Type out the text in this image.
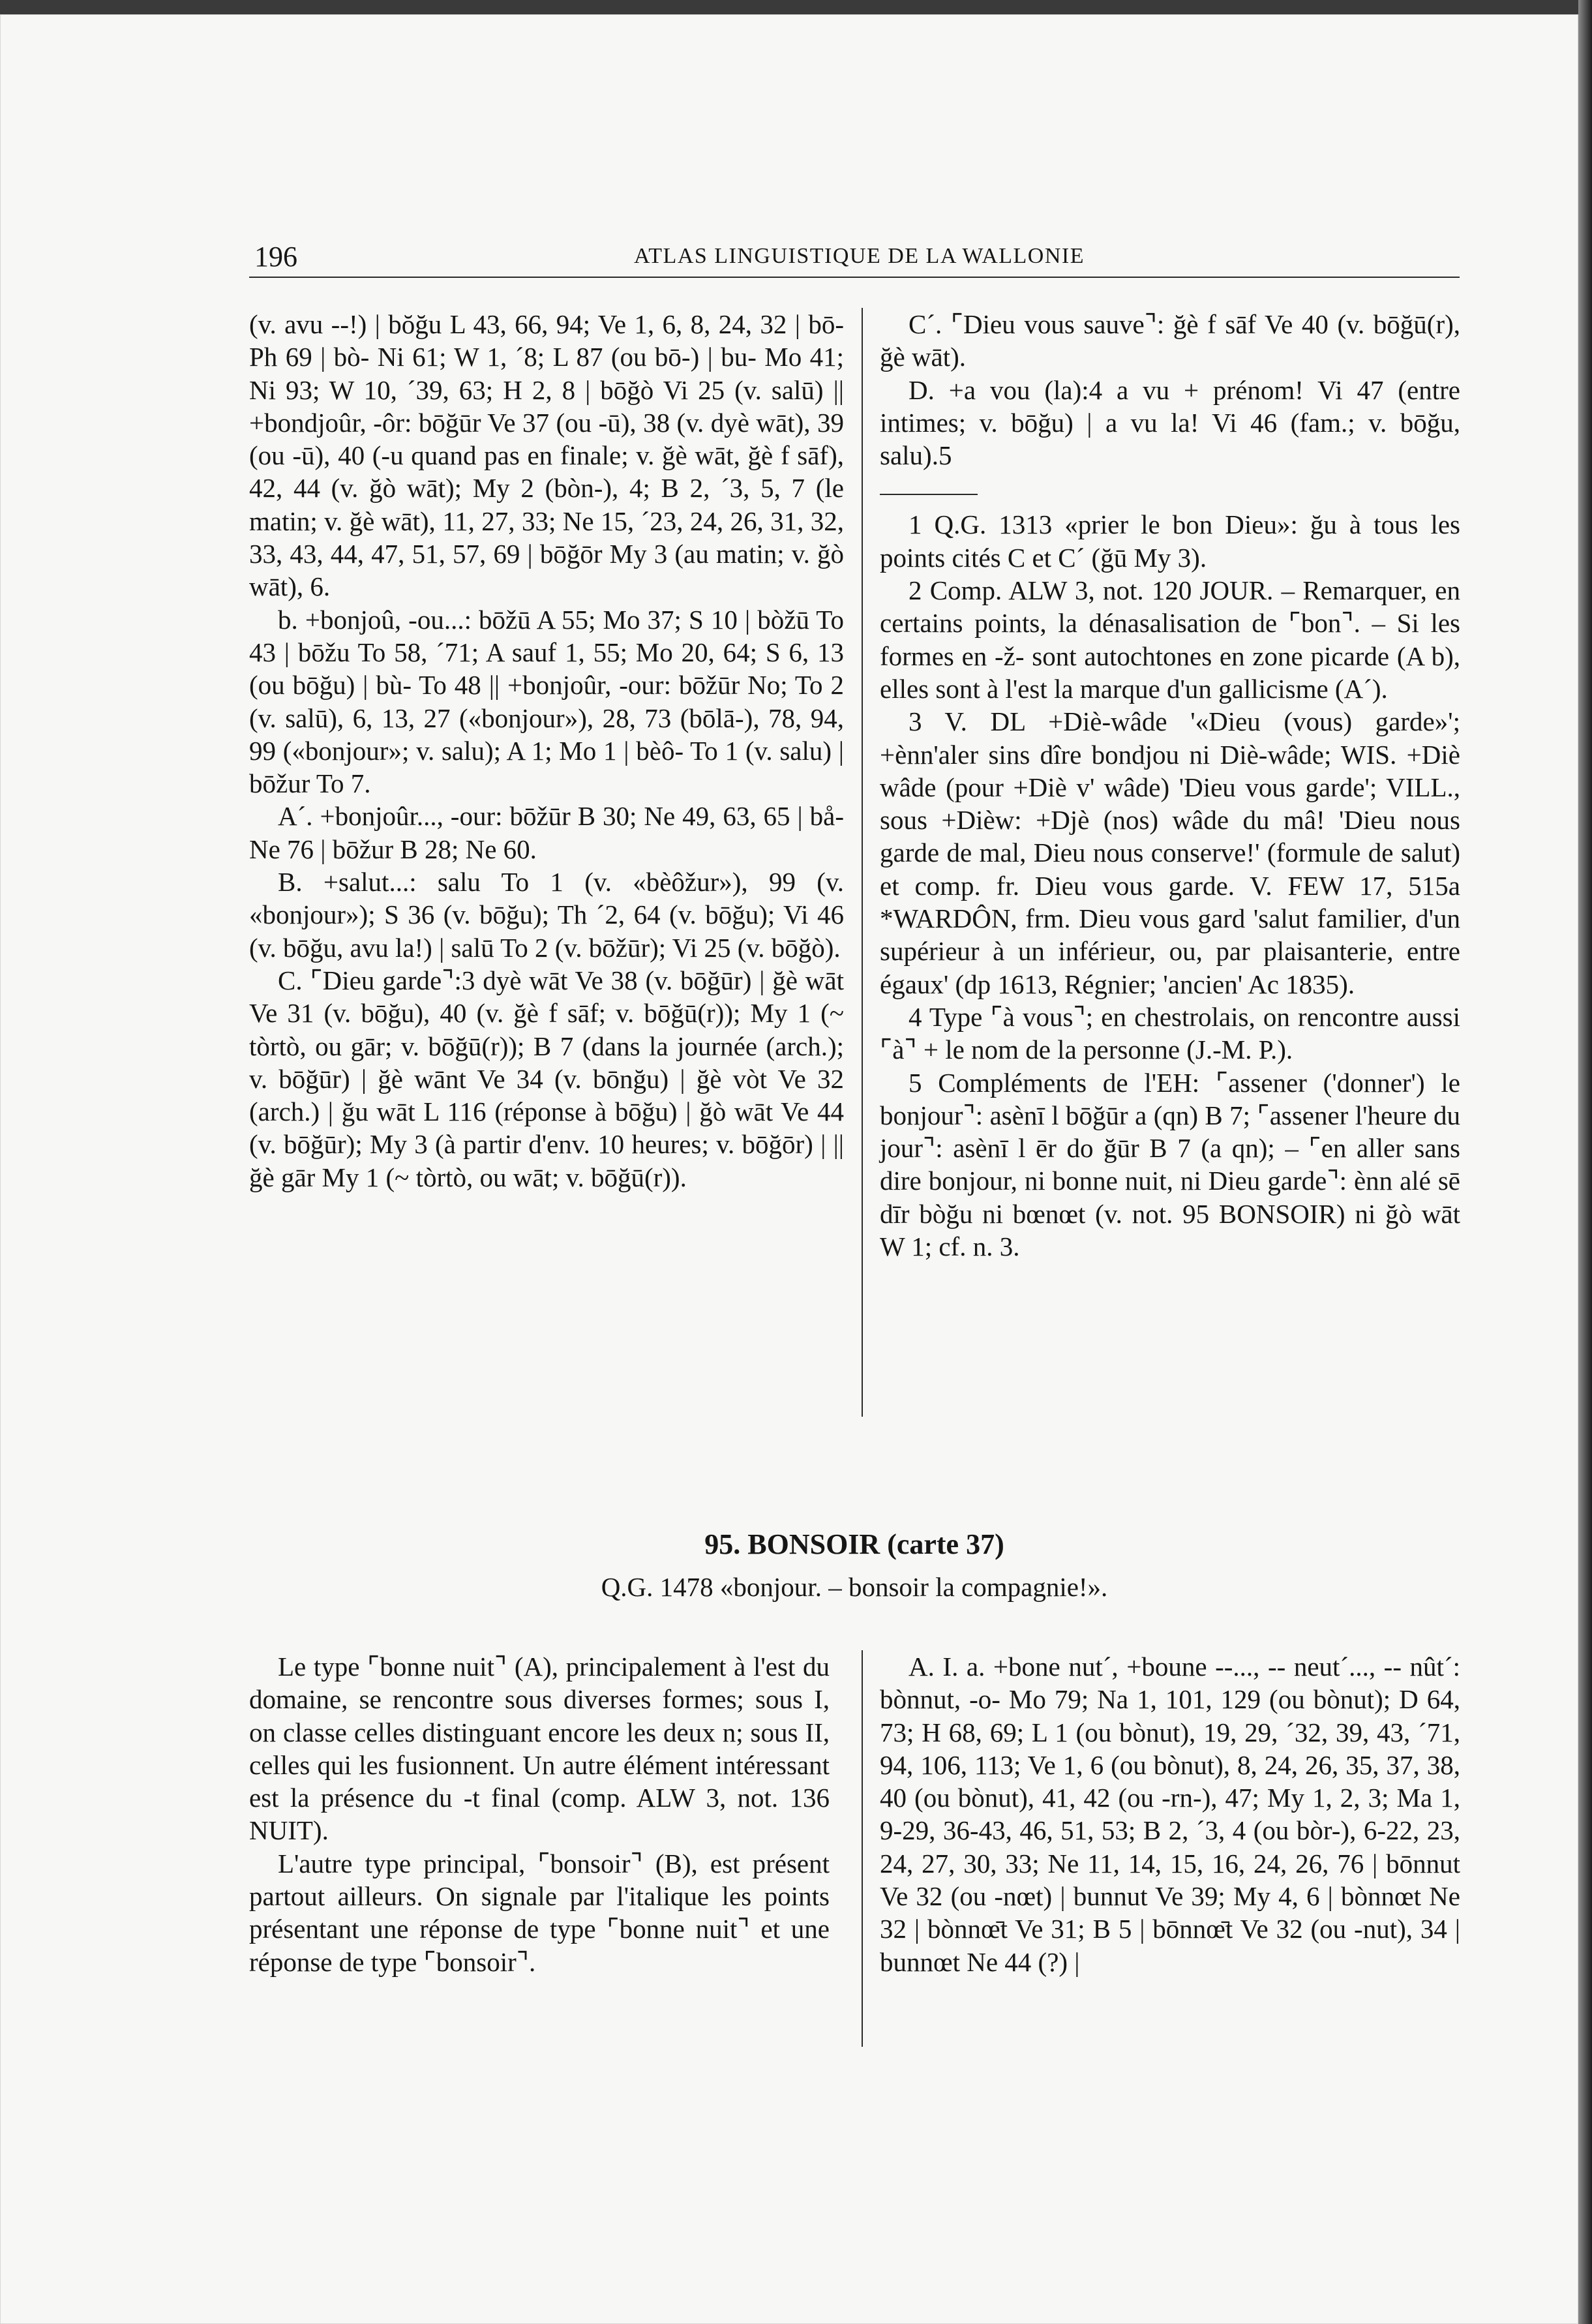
196	ATLAS LINGUISTIQUE DE LA WALLONIE

(v. avu --!) | bŏğu L 43, 66, 94; Ve 1, 6, 8, 24, 32 | bō- Ph 69 | bò- Ni 61; W 1, ´8; L 87 (ou bō-) | bu- Mo 41; Ni 93; W 10, ´39, 63; H 2, 8 | bōğò Vi 25 (v. salū) || +bondjoûr, -ôr: bōğūr Ve 37 (ou -ū), 38 (v. dyè wāt), 39 (ou -ū), 40 (-u quand pas en finale; v. ğè wāt, ğè f sāf), 42, 44 (v. ğò wāt); My 2 (bòn-), 4; B 2, ´3, 5, 7 (le matin; v. ğè wāt), 11, 27, 33; Ne 15, ´23, 24, 26, 31, 32, 33, 43, 44, 47, 51, 57, 69 | bōğōr My 3 (au matin; v. ğò wāt), 6.

b. +bonjoû, -ou...: bōžū A 55; Mo 37; S 10 | bòžū To 43 | bōžu To 58, ´71; A sauf 1, 55; Mo 20, 64; S 6, 13 (ou bōğu) | bù- To 48 || +bonjoûr, -our: bōžūr No; To 2 (v. salū), 6, 13, 27 («bonjour»), 28, 73 (bōlā-), 78, 94, 99 («bonjour»; v. salu); A 1; Mo 1 | bèô- To 1 (v. salu) | bōžur To 7.

A´. +bonjoûr..., -our: bōžūr B 30; Ne 49, 63, 65 | bå- Ne 76 | bōžur B 28; Ne 60.

B. +salut...: salu To 1 (v. «bèôžur»), 99 (v. «bonjour»); S 36 (v. bōğu); Th ´2, 64 (v. bōğu); Vi 46 (v. bōğu, avu la!) | salū To 2 (v. bōžūr); Vi 25 (v. bōğò).

C. ⌜Dieu garde⌝:3 dyè wāt Ve 38 (v. bōğūr) | ğè wāt Ve 31 (v. bōğu), 40 (v. ğè f sāf; v. bōğū(r)); My 1 (~ tòrtò, ou gār; v. bōğū(r)); B 7 (dans la journée (arch.); v. bōğūr) | ğè wānt Ve 34 (v. bōnğu) | ğè vòt Ve 32 (arch.) | ğu wāt L 116 (réponse à bōğu) | ğò wāt Ve 44 (v. bōğūr); My 3 (à partir d'env. 10 heures; v. bōğōr) | || ğè gār My 1 (~ tòrtò, ou wāt; v. bōğū(r)).

C´. ⌜Dieu vous sauve⌝: ğè f sāf Ve 40 (v. bōğū(r), ğè wāt).

D. +a vou (la):4 a vu + prénom! Vi 47 (entre intimes; v. bōğu) | a vu la! Vi 46 (fam.; v. bōğu, salu).5

1 Q.G. 1313 «prier le bon Dieu»: ğu à tous les points cités C et C´ (ğū My 3).

2 Comp. ALW 3, not. 120 JOUR. – Remarquer, en certains points, la dénasalisation de ⌜bon⌝. – Si les formes en -ž- sont autochtones en zone picarde (A b), elles sont à l'est la marque d'un gallicisme (A´).

3 V. DL +Diè-wâde '«Dieu (vous) garde»'; +ènn'aler sins dîre bondjou ni Diè-wâde; WIS. +Diè wâde (pour +Diè v' wâde) 'Dieu vous garde'; VILL., sous +Dièw: +Djè (nos) wâde du mâ! 'Dieu nous garde de mal, Dieu nous conserve!' (formule de salut) et comp. fr. Dieu vous garde. V. FEW 17, 515a *WARDÔN, frm. Dieu vous gard 'salut familier, d'un supérieur à un inférieur, ou, par plaisanterie, entre égaux' (dp 1613, Régnier; 'ancien' Ac 1835).

4 Type ⌜à vous⌝; en chestrolais, on rencontre aussi ⌜à⌝ + le nom de la personne (J.-M. P.).

5 Compléments de l'EH: ⌜assener ('donner') le bonjour⌝: asènī l bōğūr a (qn) B 7; ⌜assener l'heure du jour⌝: asènī l ēr do ğūr B 7 (a qn); – ⌜en aller sans dire bonjour, ni bonne nuit, ni Dieu garde⌝: ènn alé sē dīr bòğu ni bœnœt (v. not. 95 BONSOIR) ni ğò wāt W 1; cf. n. 3.

95. BONSOIR (carte 37)
Q.G. 1478 «bonjour. – bonsoir la compagnie!».

Le type ⌜bonne nuit⌝ (A), principalement à l'est du domaine, se rencontre sous diverses formes; sous I, on classe celles distinguant encore les deux n; sous II, celles qui les fusionnent. Un autre élément intéressant est la présence du -t final (comp. ALW 3, not. 136 NUIT).

L'autre type principal, ⌜bonsoir⌝ (B), est présent partout ailleurs. On signale par l'italique les points présentant une réponse de type ⌜bonne nuit⌝ et une réponse de type ⌜bonsoir⌝.

A. I. a. +bone nut´, +boune --..., -- neut´..., -- nût´: bònnut, -o- Mo 79; Na 1, 101, 129 (ou bònut); D 64, 73; H 68, 69; L 1 (ou bònut), 19, 29, ´32, 39, 43, ´71, 94, 106, 113; Ve 1, 6 (ou bònut), 8, 24, 26, 35, 37, 38, 40 (ou bònut), 41, 42 (ou -rn-), 47; My 1, 2, 3; Ma 1, 9-29, 36-43, 46, 51, 53; B 2, ´3, 4 (ou bòr-), 6-22, 23, 24, 27, 30, 33; Ne 11, 14, 15, 16, 24, 26, 76 | bōnnut Ve 32 (ou -nœt) | bunnut Ve 39; My 4, 6 | bònnœt Ne 32 | bònnœ̄t Ve 31; B 5 | bōnnœ̄t Ve 32 (ou -nut), 34 | bunnœt Ne 44 (?) |
